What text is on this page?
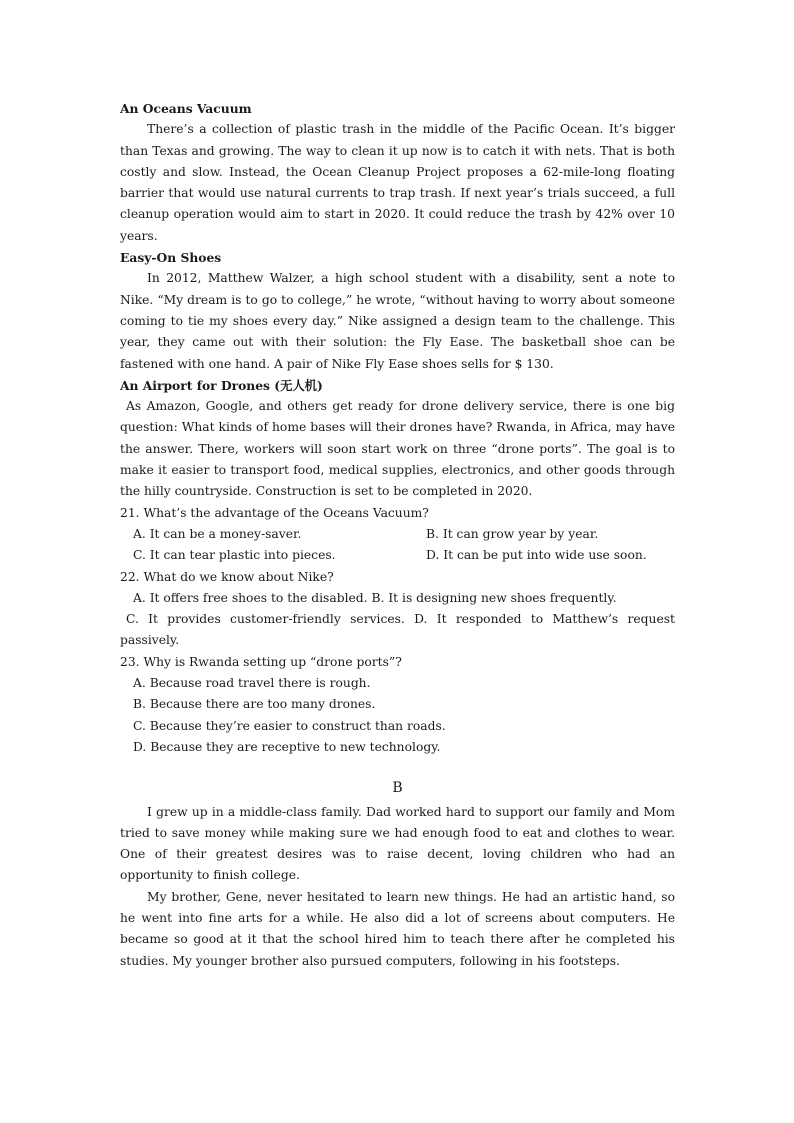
An Oceans Vacuum

There’s a collection of plastic trash in the middle of the Pacific Ocean. It’s bigger than Texas and growing. The way to clean it up now is to catch it with nets. That is both costly and slow. Instead, the Ocean Cleanup Project proposes a 62-mile-long floating barrier that would use natural currents to trap trash. If next year’s trials succeed, a full cleanup operation would aim to start in 2020. It could reduce the trash by 42% over 10 years.

Easy-On Shoes

In 2012, Matthew Walzer, a high school student with a disability, sent a note to Nike. “My dream is to go to college,” he wrote, “without having to worry about someone coming to tie my shoes every day.” Nike assigned a design team to the challenge. This year, they came out with their solution: the Fly Ease. The basketball shoe can be fastened with one hand. A pair of Nike Fly Ease shoes sells for $ 130.

An Airport for Drones (无人机)

As Amazon, Google, and others get ready for drone delivery service, there is one big question: What kinds of home bases will their drones have? Rwanda, in Africa, may have the answer. There, workers will soon start work on three “drone ports”. The goal is to make it easier to transport food, medical supplies, electronics, and other goods through the hilly countryside. Construction is set to be completed in 2020.

21. What’s the advantage of the Oceans Vacuum?

A. It can be a money-saver.	B. It can grow year by year.
C. It can tear plastic into pieces.	D. It can be put into wide use soon.

22. What do we know about Nike?

A. It offers free shoes to the disabled. B. It is designing new shoes frequently.

C. It provides customer-friendly services. D. It responded to Matthew’s request passively.

23. Why is Rwanda setting up “drone ports”?

A. Because road travel there is rough.

B. Because there are too many drones.

C. Because they’re easier to construct than roads.

D. Because they are receptive to new technology.

B

I grew up in a middle-class family. Dad worked hard to support our family and Mom tried to save money while making sure we had enough food to eat and clothes to wear. One of their greatest desires was to raise decent, loving children who had an opportunity to finish college.

My brother, Gene, never hesitated to learn new things. He had an artistic hand, so he went into fine arts for a while. He also did a lot of screens about computers. He became so good at it that the school hired him to teach there after he completed his studies. My younger brother also pursued computers, following in his footsteps.
